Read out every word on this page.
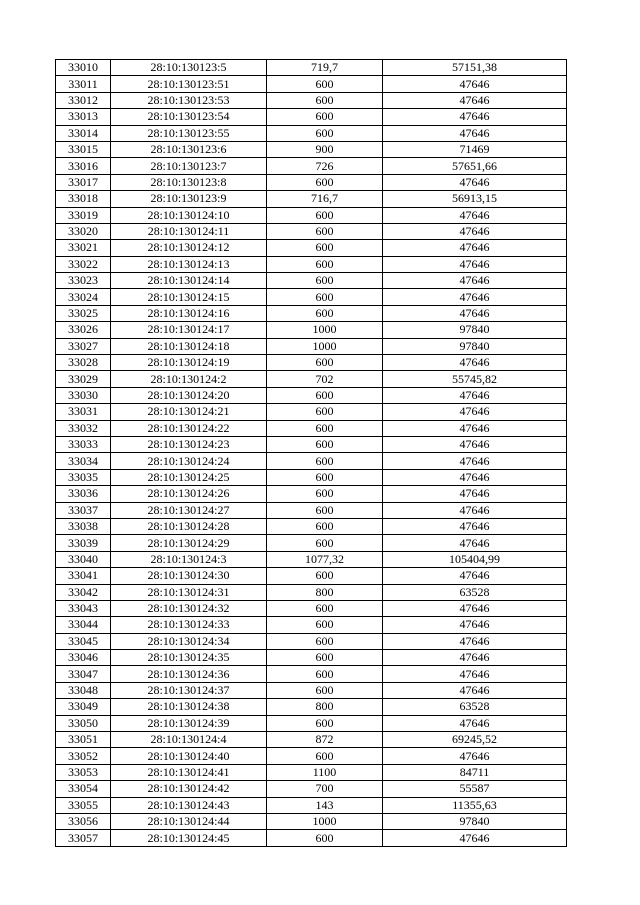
33010	28:10:130123:5	719,7	57151,38
33011	28:10:130123:51	600	47646
33012	28:10:130123:53	600	47646
33013	28:10:130123:54	600	47646
33014	28:10:130123:55	600	47646
33015	28:10:130123:6	900	71469
33016	28:10:130123:7	726	57651,66
33017	28:10:130123:8	600	47646
33018	28:10:130123:9	716,7	56913,15
33019	28:10:130124:10	600	47646
33020	28:10:130124:11	600	47646
33021	28:10:130124:12	600	47646
33022	28:10:130124:13	600	47646
33023	28:10:130124:14	600	47646
33024	28:10:130124:15	600	47646
33025	28:10:130124:16	600	47646
33026	28:10:130124:17	1000	97840
33027	28:10:130124:18	1000	97840
33028	28:10:130124:19	600	47646
33029	28:10:130124:2	702	55745,82
33030	28:10:130124:20	600	47646
33031	28:10:130124:21	600	47646
33032	28:10:130124:22	600	47646
33033	28:10:130124:23	600	47646
33034	28:10:130124:24	600	47646
33035	28:10:130124:25	600	47646
33036	28:10:130124:26	600	47646
33037	28:10:130124:27	600	47646
33038	28:10:130124:28	600	47646
33039	28:10:130124:29	600	47646
33040	28:10:130124:3	1077,32	105404,99
33041	28:10:130124:30	600	47646
33042	28:10:130124:31	800	63528
33043	28:10:130124:32	600	47646
33044	28:10:130124:33	600	47646
33045	28:10:130124:34	600	47646
33046	28:10:130124:35	600	47646
33047	28:10:130124:36	600	47646
33048	28:10:130124:37	600	47646
33049	28:10:130124:38	800	63528
33050	28:10:130124:39	600	47646
33051	28:10:130124:4	872	69245,52
33052	28:10:130124:40	600	47646
33053	28:10:130124:41	1100	84711
33054	28:10:130124:42	700	55587
33055	28:10:130124:43	143	11355,63
33056	28:10:130124:44	1000	97840
33057	28:10:130124:45	600	47646
